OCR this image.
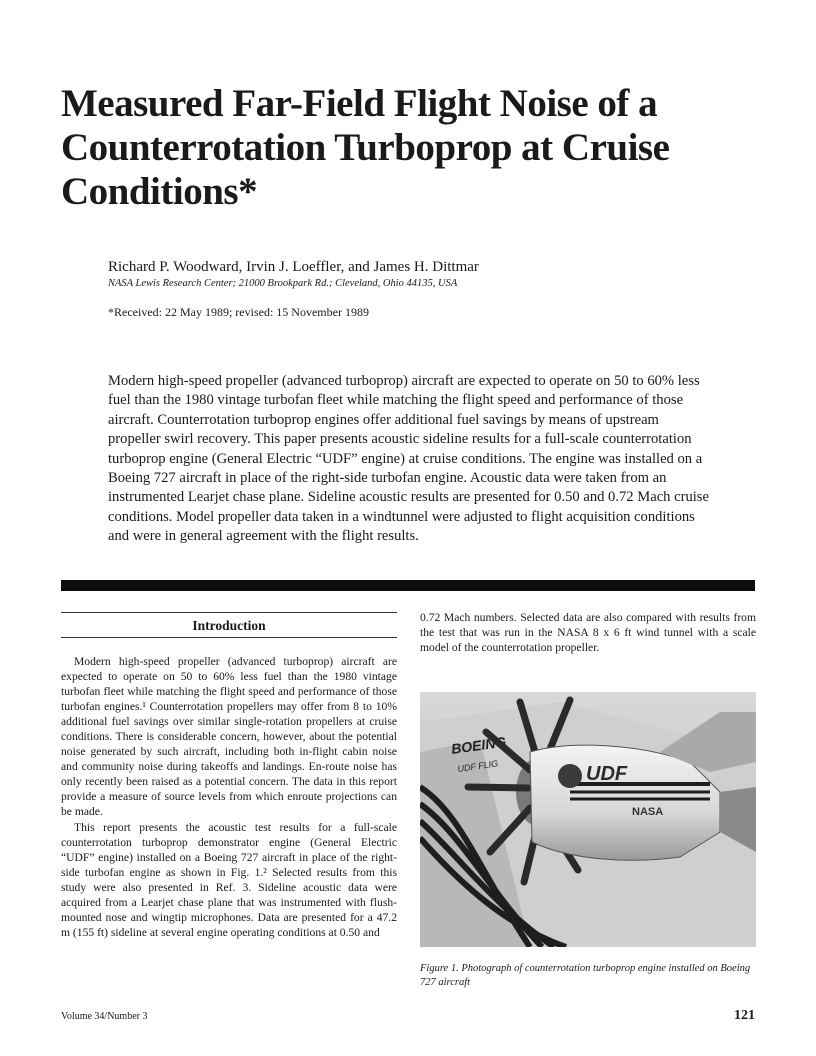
Measured Far-Field Flight Noise of a Counterrotation Turboprop at Cruise Conditions*
Richard P. Woodward, Irvin J. Loeffler, and James H. Dittmar
NASA Lewis Research Center; 21000 Brookpark Rd.; Cleveland, Ohio 44135, USA
*Received: 22 May 1989; revised: 15 November 1989

Modern high-speed propeller (advanced turboprop) aircraft are expected to operate on 50 to 60% less fuel than the 1980 vintage turbofan fleet while matching the flight speed and performance of those aircraft. Counterrotation turboprop engines offer additional fuel savings by means of upstream propeller swirl recovery. This paper presents acoustic sideline results for a full-scale counterrotation turboprop engine (General Electric “UDF” engine) at cruise conditions. The engine was installed on a Boeing 727 aircraft in place of the right-side turbofan engine. Acoustic data were taken from an instrumented Learjet chase plane. Sideline acoustic results are presented for 0.50 and 0.72 Mach cruise conditions. Model propeller data taken in a windtunnel were adjusted to flight acquisition conditions and were in general agreement with the flight results.

Introduction

Modern high-speed propeller (advanced turboprop) aircraft are expected to operate on 50 to 60% less fuel than the 1980 vintage turbofan fleet while matching the flight speed and performance of those turbofan engines.¹ Counterrotation propellers may offer from 8 to 10% additional fuel savings over similar single-rotation propellers at cruise conditions. There is considerable concern, however, about the potential noise generated by such aircraft, including both in-flight cabin noise and community noise during takeoffs and landings. En-route noise has only recently been raised as a potential concern. The data in this report provide a measure of source levels from which enroute projections can be made.

This report presents the acoustic test results for a full-scale counterrotation turboprop demonstrator engine (General Electric “UDF” engine) installed on a Boeing 727 aircraft in place of the right-side turbofan engine as shown in Fig. 1.² Selected results from this study were also presented in Ref. 3. Sideline acoustic data were acquired from a Learjet chase plane that was instrumented with flush-mounted nose and wingtip microphones. Data are presented for a 47.2 m (155 ft) sideline at several engine operating conditions at 0.50 and

0.72 Mach numbers. Selected data are also compared with results from the test that was run in the NASA 8 x 6 ft wind tunnel with a scale model of the counterrotation propeller.
BOEING
UDF FLIG	UDF
NASA
Figure 1. Photograph of counterrotation turboprop engine installed on Boeing 727 aircraft
Volume 34/Number 3	121
